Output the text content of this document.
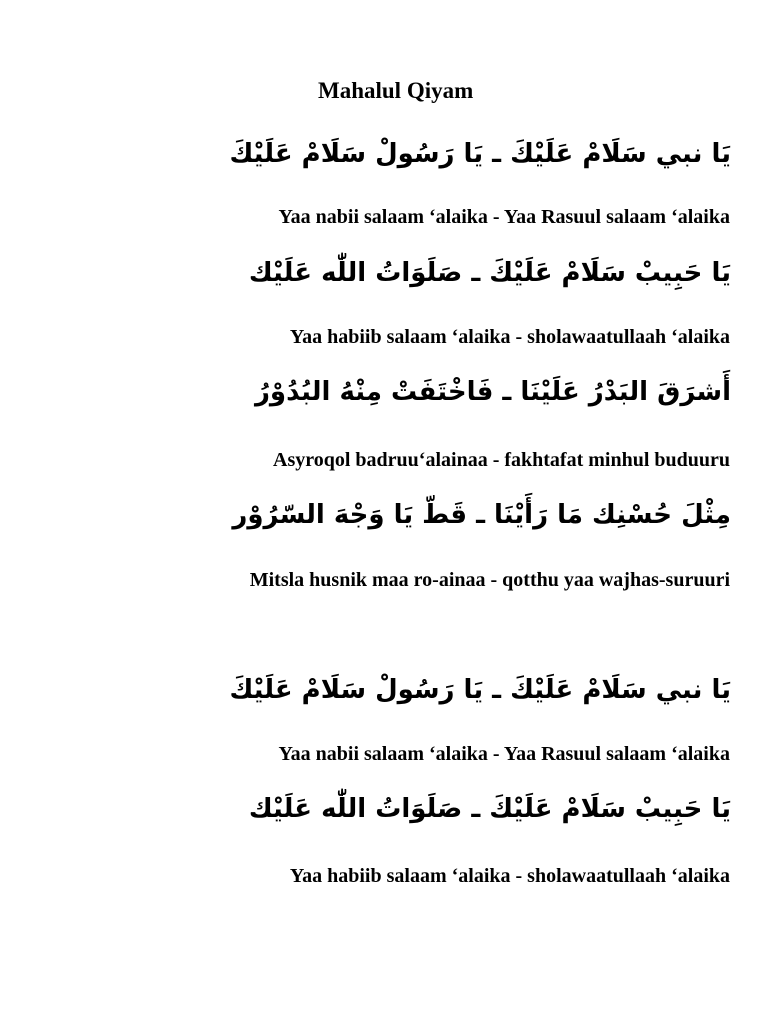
Mahalul Qiyam
يَا نبي سَلَامْ عَلَيْكَ ـ يَا رَسُولْ سَلَامْ عَلَيْكَ
Yaa nabii salaam ‘alaika - Yaa Rasuul salaam ‘alaika
يَا حَبِيبْ سَلَامْ عَلَيْكَ ـ صَلَوَاتُ اللّٰه عَلَيْك
Yaa habiib salaam ‘alaika - sholawaatullaah ‘alaika
أَشرَقَ البَدْرُ عَلَيْنَا ـ فَاخْتَفَتْ مِنْهُ البُدُوْرُ
Asyroqol badruu‘alainaa - fakhtafat minhul buduuru
مِثْلَ حُسْنِك مَا رَأَيْنَا ـ قَطّ يَا وَجْهَ السّرُوْر
Mitsla husnik maa ro-ainaa - qotthu yaa wajhas-suruuri
يَا نبي سَلَامْ عَلَيْكَ ـ يَا رَسُولْ سَلَامْ عَلَيْكَ
Yaa nabii salaam ‘alaika - Yaa Rasuul salaam ‘alaika
يَا حَبِيبْ سَلَامْ عَلَيْكَ ـ صَلَوَاتُ اللّٰه عَلَيْك
Yaa habiib salaam ‘alaika - sholawaatullaah ‘alaika
